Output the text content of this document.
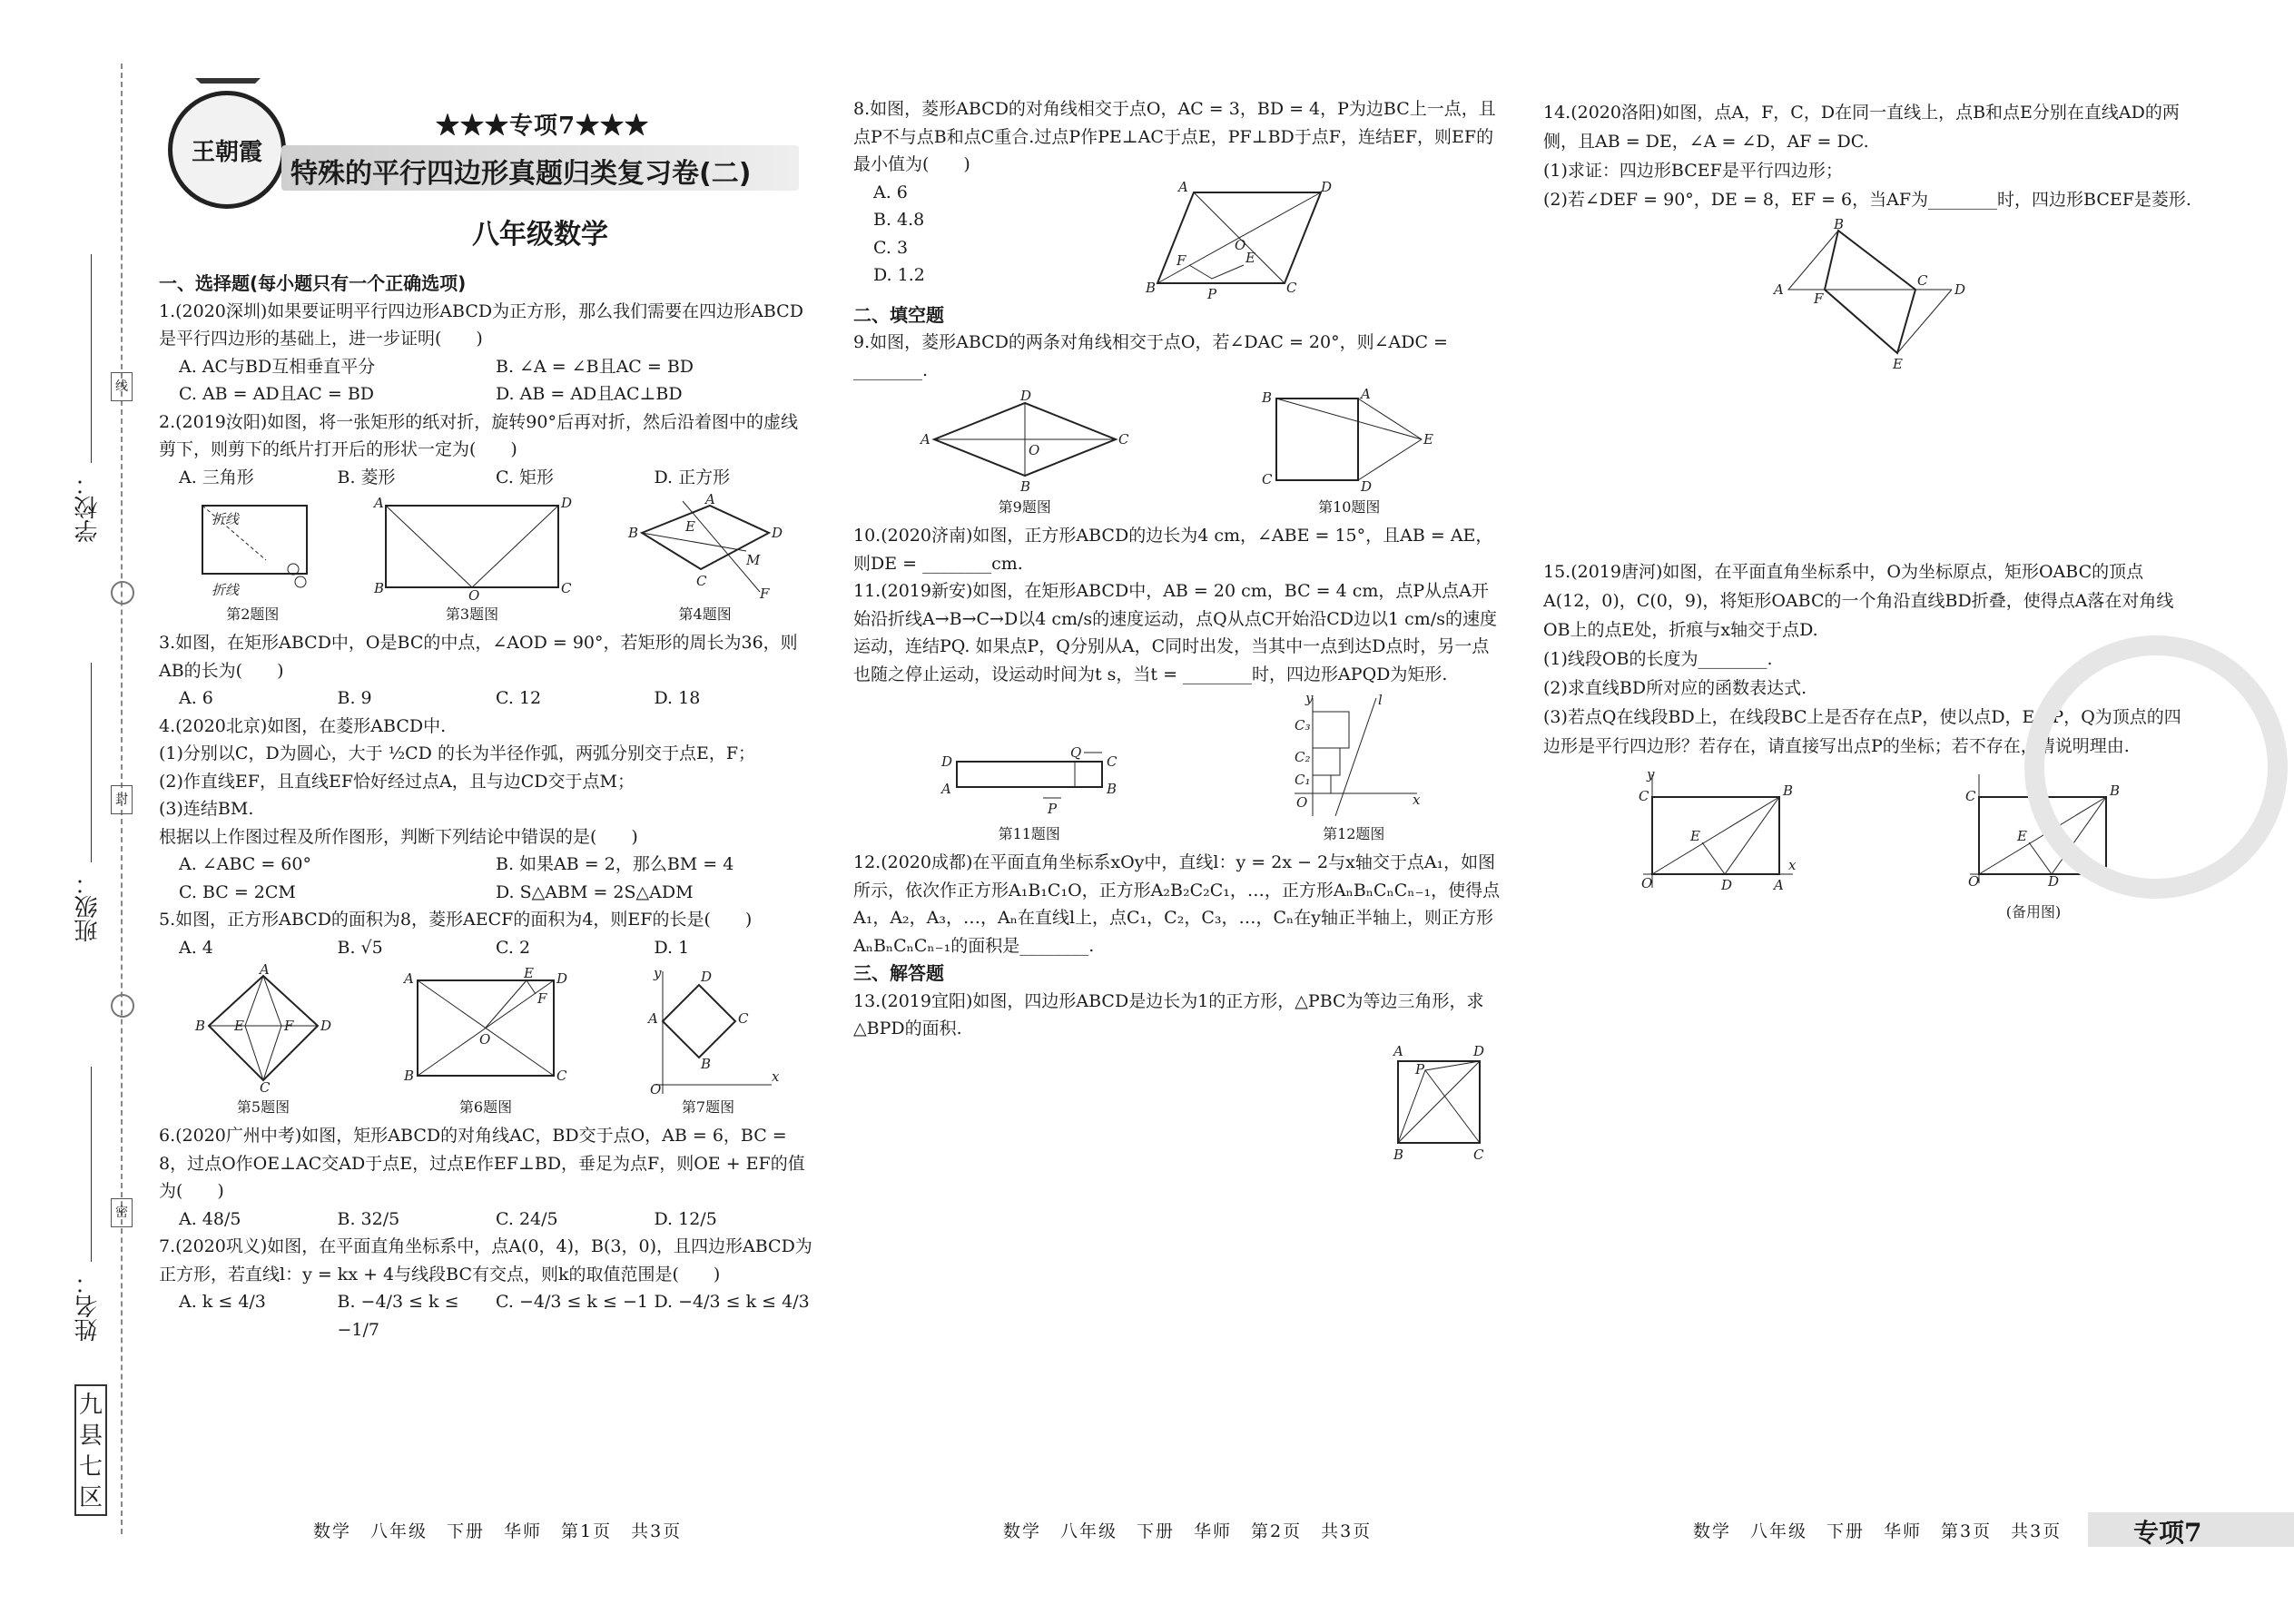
线
封
密
学校：
班级：
姓名：
九县七区
王朝霞
★★★专项7★★★
特殊的平行四边形真题归类复习卷(二)
八年级数学

一、选择题(每小题只有一个正确选项)

1.(2020深圳)如果要证明平行四边形ABCD为正方形，那么我们需要在四边形ABCD是平行四边形的基础上，进一步证明(　　)

A. AC与BD互相垂直平分	B. ∠A = ∠B且AC = BD
C. AB = AD且AC = BD	D. AB = AD且AC⊥BD

2.(2019汝阳)如图，将一张矩形的纸对折，旋转90°后再对折，然后沿着图中的虚线剪下，则剪下的纸片打开后的形状一定为(　　)

A. 三角形	B. 菱形	C. 矩形	D. 正方形
折线
折线
第2题图
A	D
B	C
O
第3题图
B
A
D
C
E
M
F
第4题图

3.如图，在矩形ABCD中，O是BC的中点，∠AOD = 90°，若矩形的周长为36，则AB的长为(　　)

A. 6	B. 9	C. 12	D. 18

4.(2020北京)如图，在菱形ABCD中.

(1)分别以C，D为圆心，大于 ½CD 的长为半径作弧，两弧分别交于点E，F；

(2)作直线EF，且直线EF恰好经过点A，且与边CD交于点M；

(3)连结BM.

根据以上作图过程及所作图形，判断下列结论中错误的是(　　)

A. ∠ABC = 60°	B. 如果AB = 2，那么BM = 4
C. BC = 2CM	D. S△ABM = 2S△ADM

5.如图，正方形ABCD的面积为8，菱形AECF的面积为4，则EF的长是(　　)

A. 4	B. √5	C. 2	D. 1
A
B	D
C
E	F
第5题图
A	D
B	C
O
E
F
第6题图
A
D
C
B
O
y
x
第7题图

6.(2020广州中考)如图，矩形ABCD的对角线AC，BD交于点O，AB = 6，BC = 8，过点O作OE⊥AC交AD于点E，过点E作EF⊥BD，垂足为点F，则OE + EF的值为(　　)

A. 48/5	B. 32/5	C. 24/5	D. 12/5

7.(2020巩义)如图，在平面直角坐标系中，点A(0，4)，B(3，0)，且四边形ABCD为正方形，若直线l：y = kx + 4与线段BC有交点，则k的取值范围是(　　)

A. k ≤ 4/3	B. −4/3 ≤ k ≤ −1/7
C. −4/3 ≤ k ≤ −1 D. −4/3 ≤ k ≤ 4/3

8.如图，菱形ABCD的对角线相交于点O，AC = 3，BD = 4，P为边BC上一点，且点P不与点B和点C重合.过点P作PE⊥AC于点E，PF⊥BD于点F，连结EF，则EF的最小值为(　　)

A. 6
B. 4.8
C. 3
D. 1.2
A	D
B	C
O
F	E
P

二、填空题

9.如图，菱形ABCD的两条对角线相交于点O，若∠DAC = 20°，则∠ADC = ________.

A
D
C
B
O
第9题图
B	A
E
C	D
第10题图

10.(2020济南)如图，正方形ABCD的边长为4 cm，∠ABE = 15°，且AB = AE，则DE = ________cm.

11.(2019新安)如图，在矩形ABCD中，AB = 20 cm，BC = 4 cm，点P从点A开始沿折线A→B→C→D以4 cm/s的速度运动，点Q从点C开始沿CD边以1 cm/s的速度运动，连结PQ. 如果点P，Q分别从A，C同时出发，当其中一点到达D点时，另一点也随之停止运动，设运动时间为t s，当t = ________时，四边形APQD为矩形.

D
A
C
B
Q
P
第11题图
x
y	l
O
C₃
C₂
C₁
第12题图

12.(2020成都)在平面直角坐标系xOy中，直线l：y = 2x − 2与x轴交于点A₁，如图所示，依次作正方形A₁B₁C₁O，正方形A₂B₂C₂C₁，…，正方形AₙBₙCₙCₙ₋₁，使得点A₁，A₂，A₃，…，Aₙ在直线l上，点C₁，C₂，C₃，…，Cₙ在y轴正半轴上，则正方形AₙBₙCₙCₙ₋₁的面积是________.

三、解答题

13.(2019宜阳)如图，四边形ABCD是边长为1的正方形，△PBC为等边三角形，求△BPD的面积.

A	D
B	C
P

14.(2020洛阳)如图，点A，F，C，D在同一直线上，点B和点E分别在直线AD的两侧，且AB = DE，∠A = ∠D，AF = DC.

(1)求证：四边形BCEF是平行四边形；

(2)若∠DEF = 90°，DE = 8，EF = 6，当AF为________时，四边形BCEF是菱形.

B
A
F
C
D
E

15.(2019唐河)如图，在平面直角坐标系中，O为坐标原点，矩形OABC的顶点A(12，0)，C(0，9)，将矩形OABC的一个角沿直线BD折叠，使得点A落在对角线OB上的点E处，折痕与x轴交于点D.

(1)线段OB的长度为________.

(2)求直线BD所对应的函数表达式.

(3)若点Q在线段BD上，在线段BC上是否存在点P，使以点D，E，P，Q为顶点的四边形是平行四边形？若存在，请直接写出点P的坐标；若不存在，请说明理由.

O
C	B
D	A
E
y
x
O
C	B
D	A
E
(备用图)
数学　八年级　下册　华师　第1页　共3页	数学　八年级　下册　华师　第2页　共3页	数学　八年级　下册　华师　第3页　共3页	专项7
